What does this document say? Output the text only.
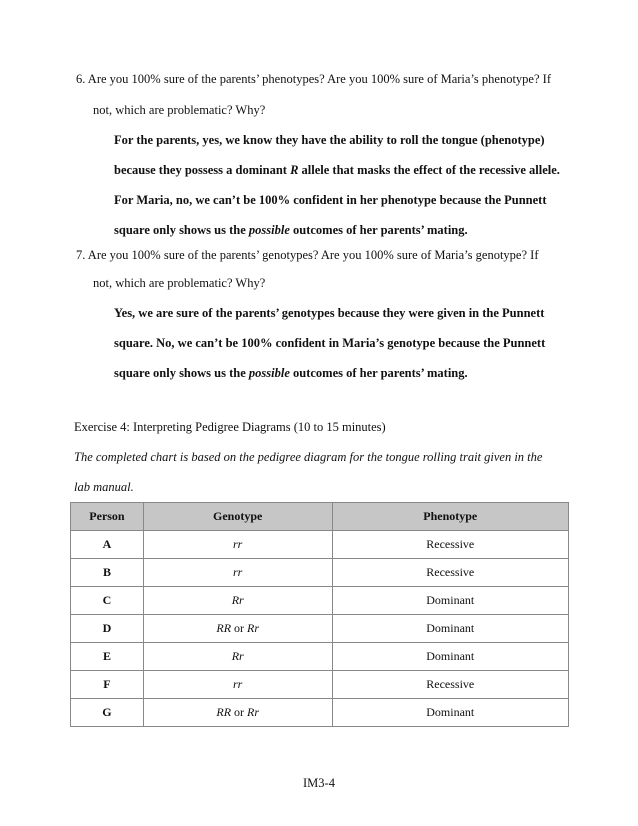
6. Are you 100% sure of the parents’ phenotypes? Are you 100% sure of Maria’s phenotype? If
not, which are problematic? Why?
For the parents, yes, we know they have the ability to roll the tongue (phenotype)
because they possess a dominant R allele that masks the effect of the recessive allele.
For Maria, no, we can’t be 100% confident in her phenotype because the Punnett
square only shows us the possible outcomes of her parents’ mating.
7. Are you 100% sure of the parents’ genotypes? Are you 100% sure of Maria’s genotype? If
not, which are problematic? Why?
Yes, we are sure of the parents’ genotypes because they were given in the Punnett
square. No, we can’t be 100% confident in Maria’s genotype because the Punnett
square only shows us the possible outcomes of her parents’ mating.
Exercise 4: Interpreting Pedigree Diagrams (10 to 15 minutes)
The completed chart is based on the pedigree diagram for the tongue rolling trait given in the
lab manual.
Person	Genotype	Phenotype
A	rr	Recessive
B	rr	Recessive
C	Rr	Dominant
D	RR or Rr	Dominant
E	Rr	Dominant
F	rr	Recessive
G	RR or Rr	Dominant
IM3-4
